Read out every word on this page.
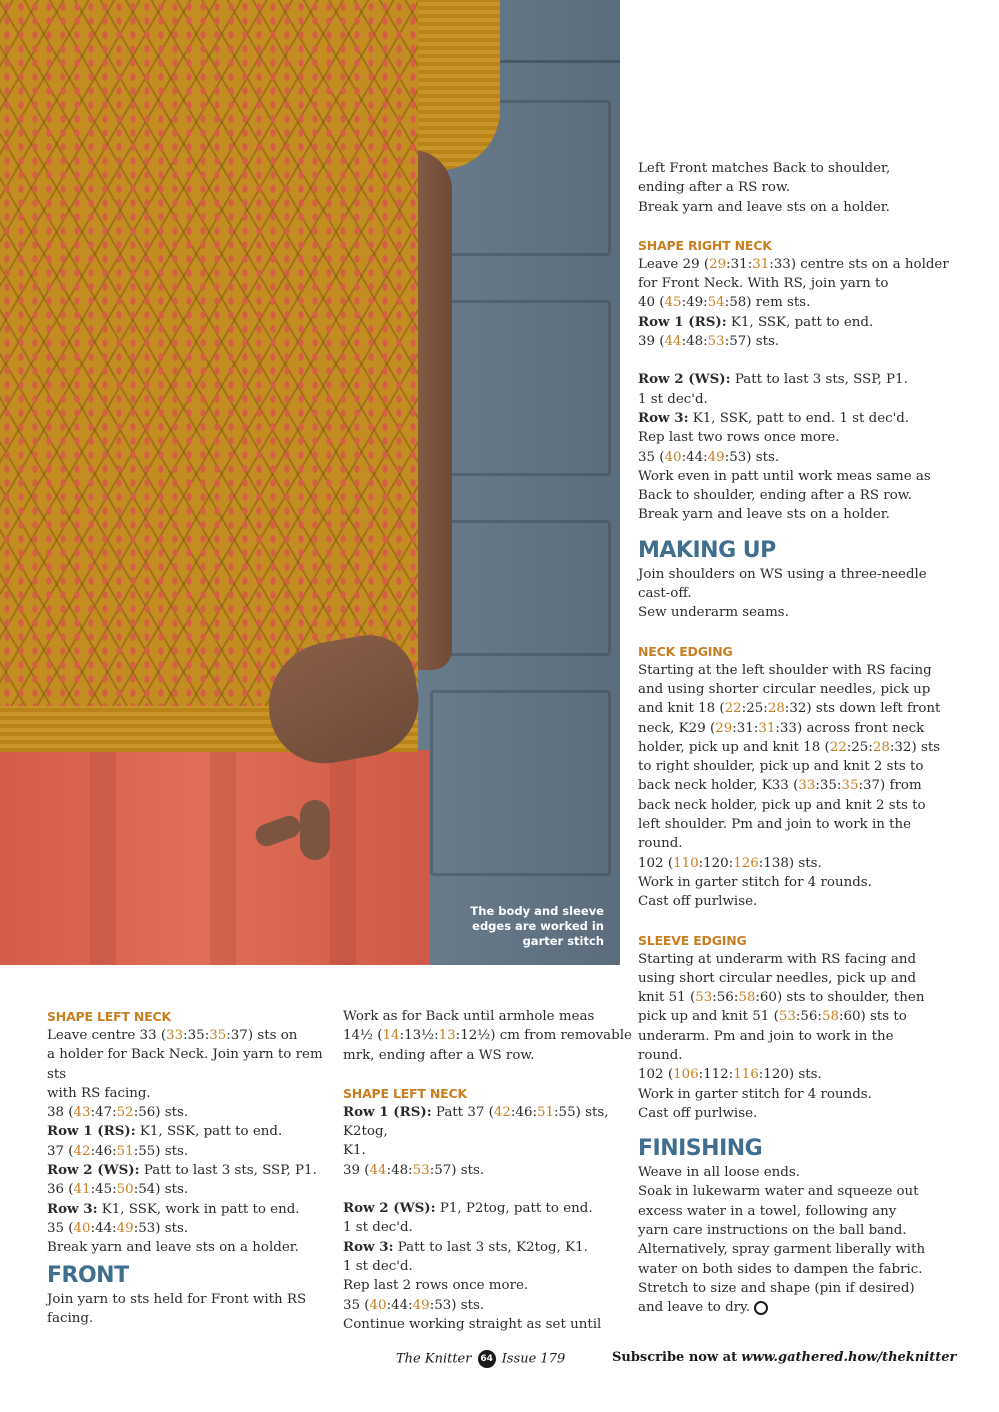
The body and sleeve edges are worked in garter stitch

Left Front matches Back to shoulder,

ending after a RS row.

Break yarn and leave sts on a holder.

SHAPE RIGHT NECK

Leave 29 (29:31:31:33) centre sts on a holder

for Front Neck. With RS, join yarn to

40 (45:49:54:58) rem sts.

Row 1 (RS): K1, SSK, patt to end.

39 (44:48:53:57) sts.

Row 2 (WS): Patt to last 3 sts, SSP, P1.

1 st dec'd.

Row 3: K1, SSK, patt to end. 1 st dec'd.

Rep last two rows once more.

35 (40:44:49:53) sts.

Work even in patt until work meas same as

Back to shoulder, ending after a RS row.

Break yarn and leave sts on a holder.

MAKING UP

Join shoulders on WS using a three-needle

cast-off.

Sew underarm seams.

NECK EDGING

Starting at the left shoulder with RS facing

and using shorter circular needles, pick up

and knit 18 (22:25:28:32) sts down left front

neck, K29 (29:31:31:33) across front neck

holder, pick up and knit 18 (22:25:28:32) sts

to right shoulder, pick up and knit 2 sts to

back neck holder, K33 (33:35:35:37) from

back neck holder, pick up and knit 2 sts to

left shoulder. Pm and join to work in the

round.

102 (110:120:126:138) sts.

Work in garter stitch for 4 rounds.

Cast off purlwise.

SLEEVE EDGING

Starting at underarm with RS facing and

using short circular needles, pick up and

knit 51 (53:56:58:60) sts to shoulder, then

pick up and knit 51 (53:56:58:60) sts to

underarm. Pm and join to work in the

round.

102 (106:112:116:120) sts.

Work in garter stitch for 4 rounds.

Cast off purlwise.

FINISHING

Weave in all loose ends.

Soak in lukewarm water and squeeze out

excess water in a towel, following any

yarn care instructions on the ball band.

Alternatively, spray garment liberally with

water on both sides to dampen the fabric.

Stretch to size and shape (pin if desired)

and leave to dry.

SHAPE LEFT NECK

Leave centre 33 (33:35:35:37) sts on

a holder for Back Neck. Join yarn to rem sts

with RS facing.

38 (43:47:52:56) sts.

Row 1 (RS): K1, SSK, patt to end.

37 (42:46:51:55) sts.

Row 2 (WS): Patt to last 3 sts, SSP, P1.

36 (41:45:50:54) sts.

Row 3: K1, SSK, work in patt to end.

35 (40:44:49:53) sts.

Break yarn and leave sts on a holder.

FRONT

Join yarn to sts held for Front with RS

facing.

Work as for Back until armhole meas

14½ (14:13½:13:12½) cm from removable

mrk, ending after a WS row.

SHAPE LEFT NECK

Row 1 (RS): Patt 37 (42:46:51:55) sts, K2tog,

K1.

39 (44:48:53:57) sts.

Row 2 (WS): P1, P2tog, patt to end.

1 st dec'd.

Row 3: Patt to last 3 sts, K2tog, K1.

1 st dec'd.

Rep last 2 rows once more.

35 (40:44:49:53) sts.

Continue working straight as set until

The Knitter 64 Issue 179	Subscribe now at www.gathered.how/theknitter
